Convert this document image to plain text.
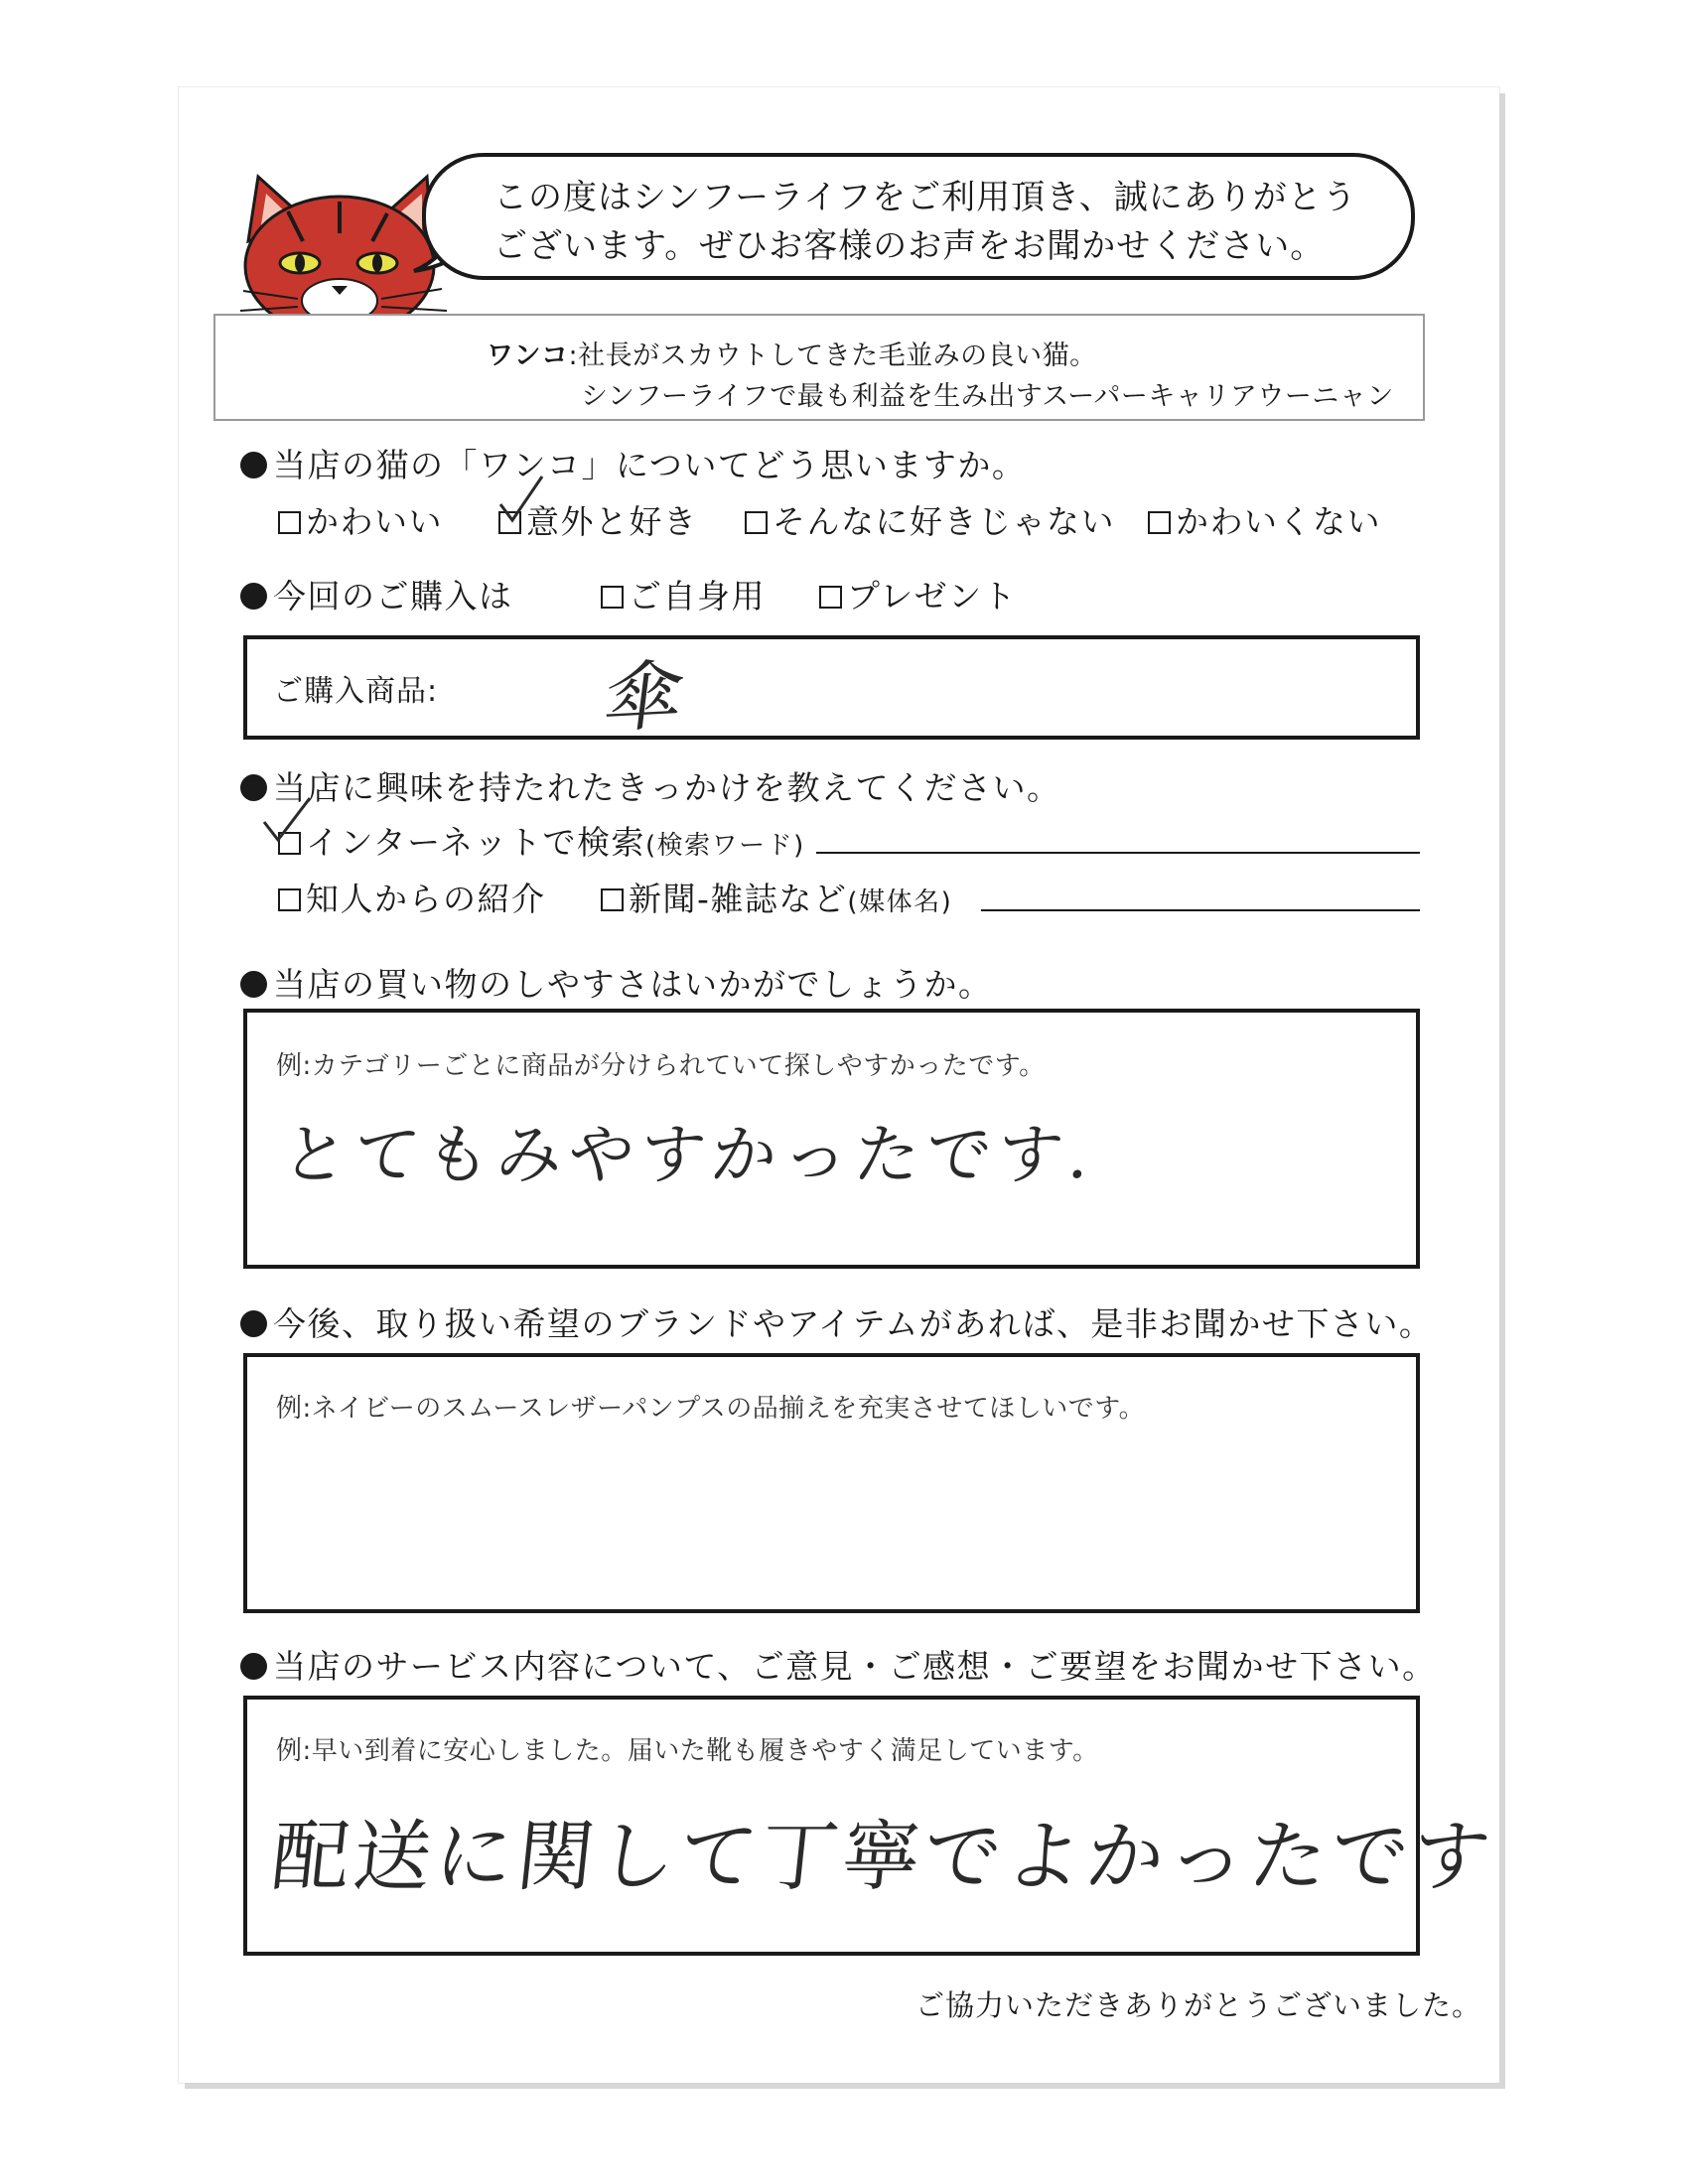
この度はシンフーライフをご利用頂き、誠にありがとう
ございます。ぜひお客様のお声をお聞かせください。
ワンコ:社長がスカウトしてきた毛並みの良い猫。
シンフーライフで最も利益を生み出すスーパーキャリアウーニャン
当店の猫の「ワンコ」についてどう思いますか。
かわいい	意外と好き	そんなに好きじゃない	かわいくない
今回のご購入は	ご自身用	プレゼント
ご購入商品: 傘
当店に興味を持たれたきっかけを教えてください。
インターネットで検索(検索ワード)
知人からの紹介	新聞-雑誌など(媒体名)
当店の買い物のしやすさはいかがでしょうか。
例:カテゴリーごとに商品が分けられていて探しやすかったです。
とてもみやすかったです.
今後、取り扱い希望のブランドやアイテムがあれば、是非お聞かせ下さい。
例:ネイビーのスムースレザーパンプスの品揃えを充実させてほしいです。
当店のサービス内容について、ご意見・ご感想・ご要望をお聞かせ下さい。
例:早い到着に安心しました。届いた靴も履きやすく満足しています。
配送に関して丁寧でよかったです
ご協力いただきありがとうございました。
